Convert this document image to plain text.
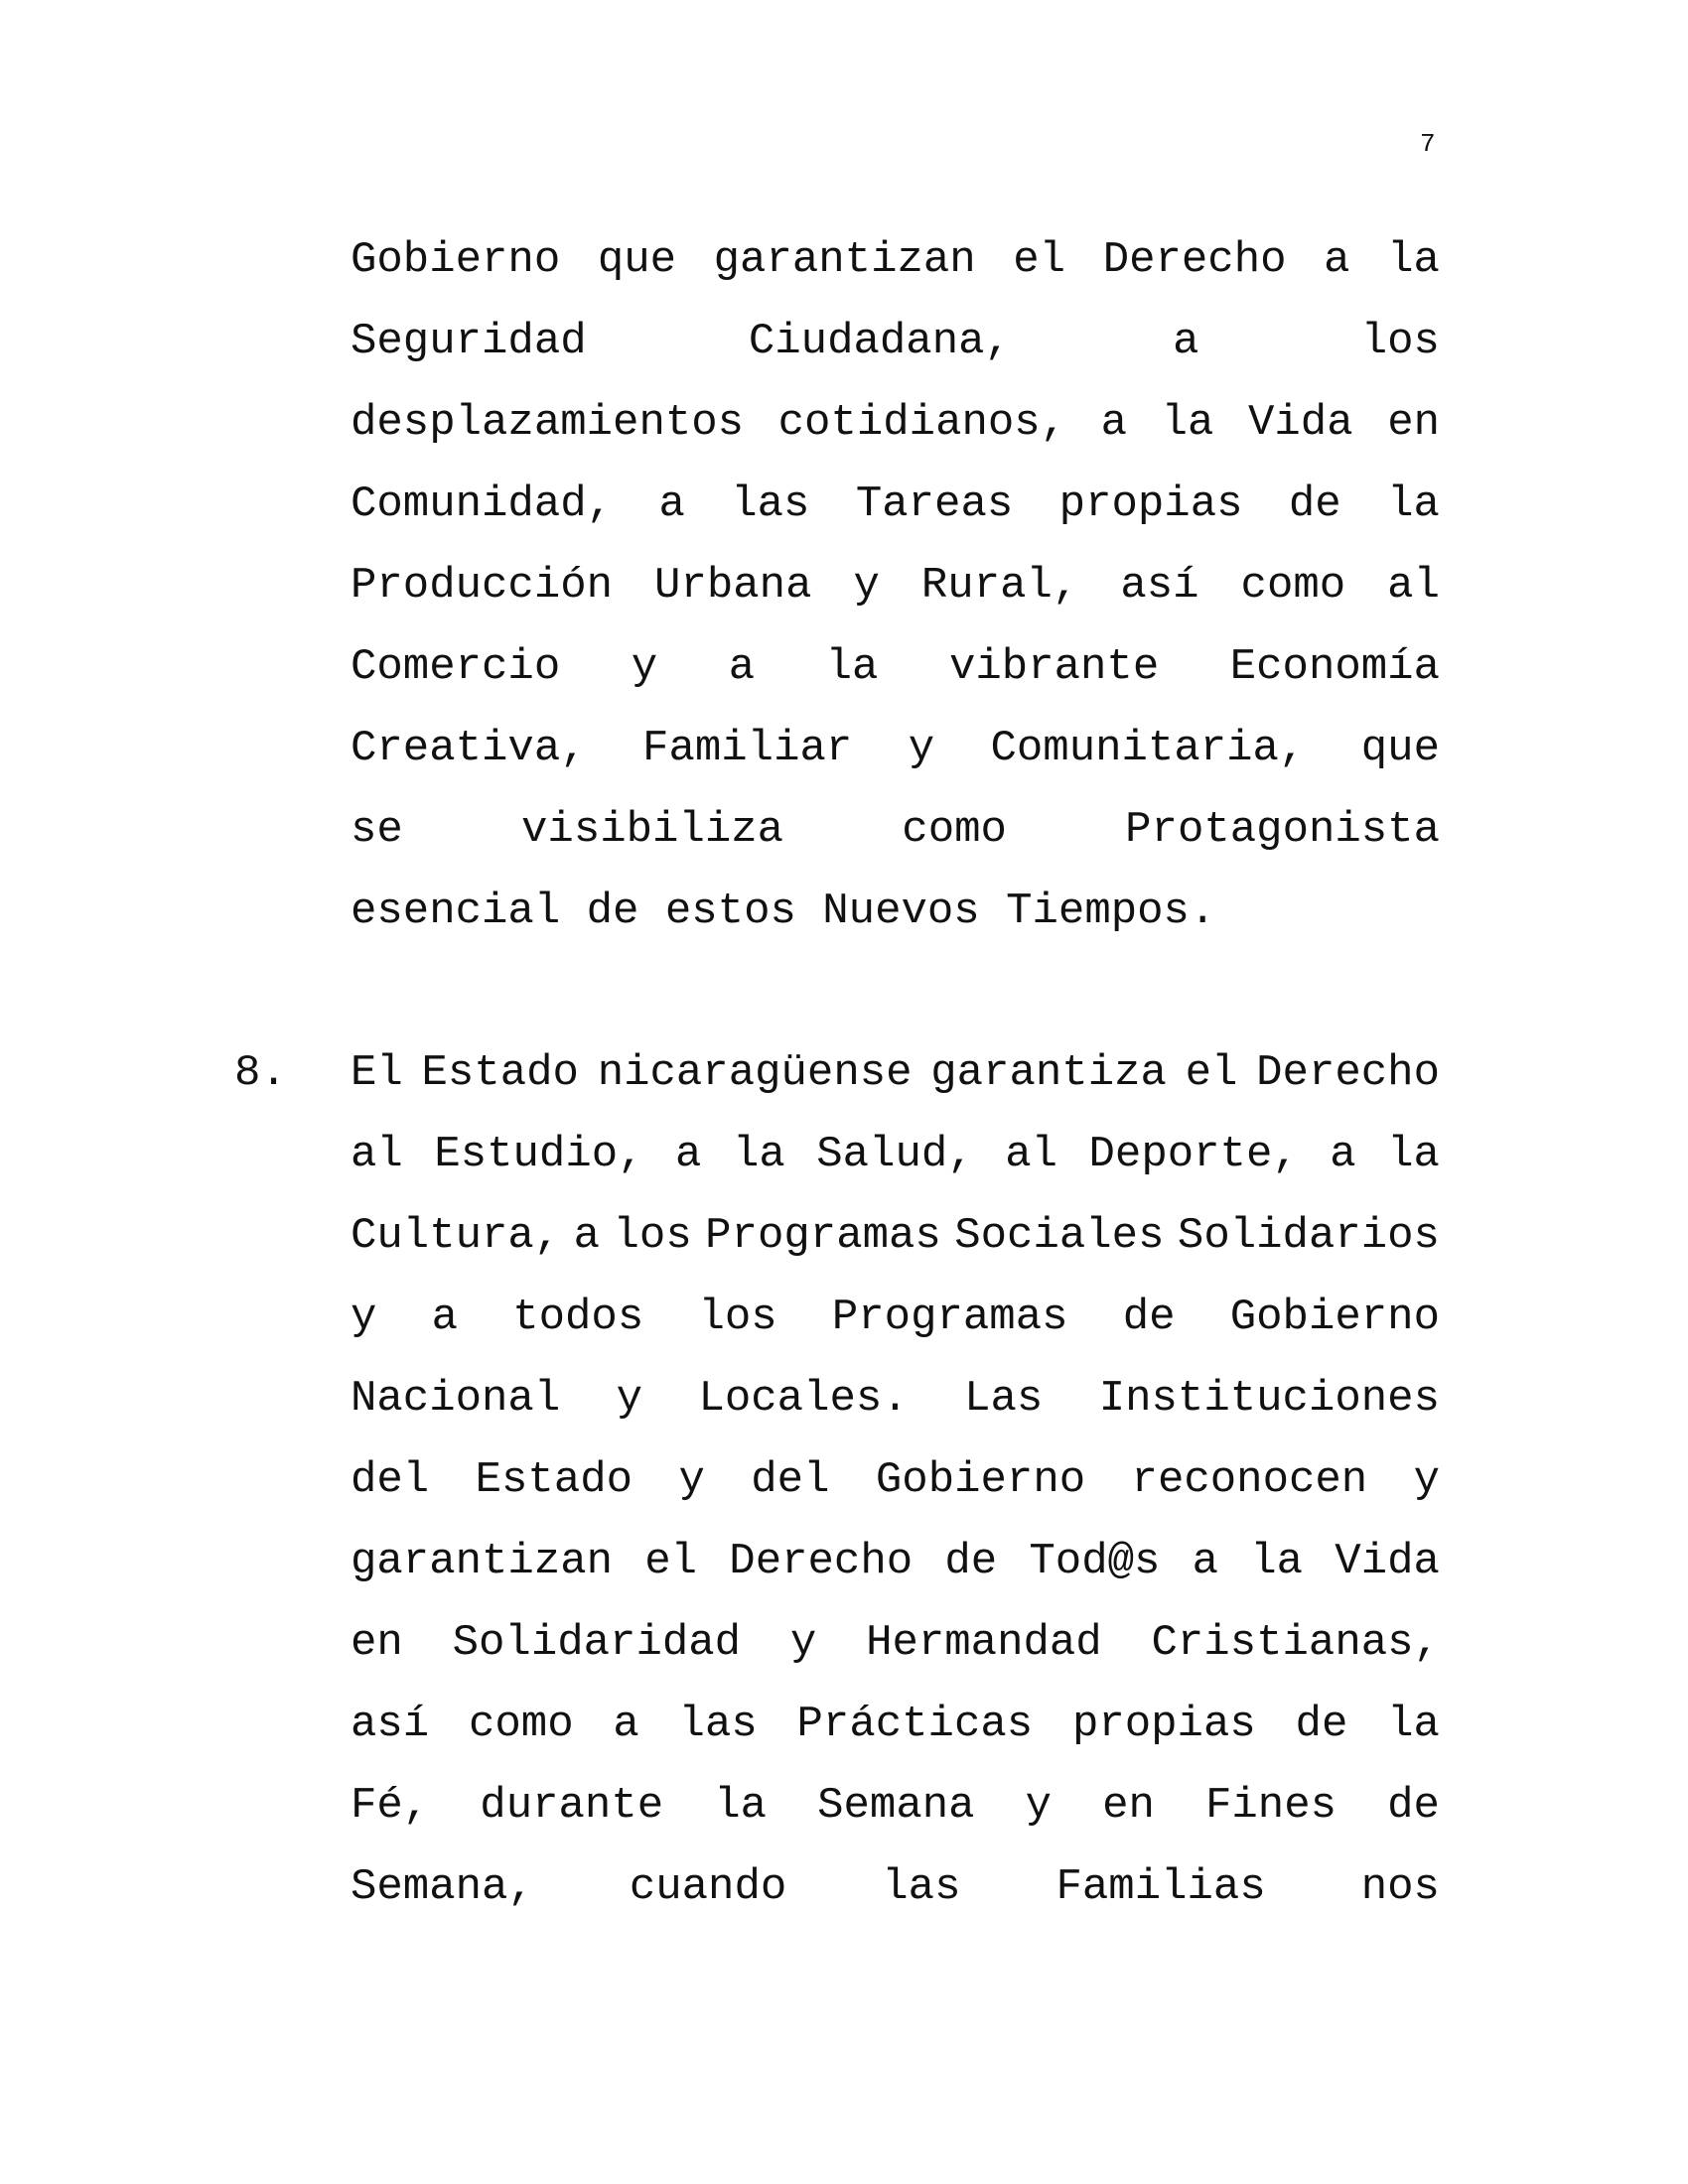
7
Gobierno que garantizan el Derecho a la
Seguridad	Ciudadana,	a	los
desplazamientos cotidianos, a la Vida en
Comunidad, a las Tareas propias de la
Producción Urbana y Rural, así como al
Comercio y a la vibrante Economía
Creativa, Familiar y Comunitaria, que
se	visibiliza	como	Protagonista
esencial de estos Nuevos Tiempos.
8. El Estado nicaragüense garantiza el Derecho
al Estudio, a la Salud, al Deporte, a la
Cultura, a los Programas Sociales Solidarios
y a todos los Programas de Gobierno
Nacional y Locales. Las Instituciones
del Estado y del Gobierno reconocen y
garantizan el Derecho de Tod@s a la Vida
en Solidaridad y Hermandad Cristianas,
así como a las Prácticas propias de la
Fé, durante la Semana y en Fines de
Semana, cuando las Familias nos
